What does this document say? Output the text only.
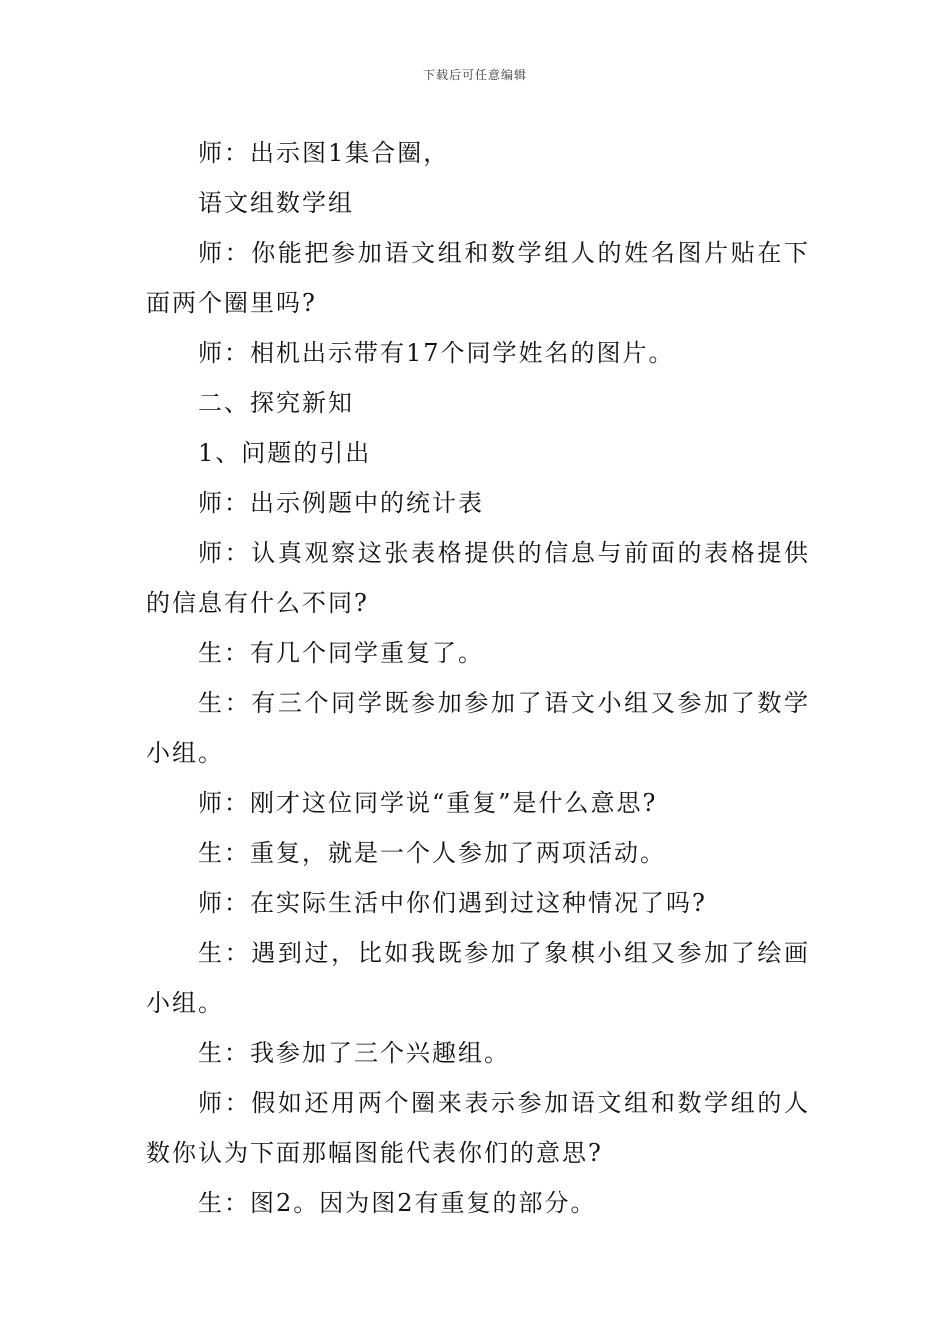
下载后可任意编辑

师：出示图1集合圈，

语文组数学组

师：你能把参加语文组和数学组人的姓名图片贴在下面两个圈里吗?

师：相机出示带有17个同学姓名的图片。

二、探究新知

1、问题的引出

师：出示例题中的统计表

师：认真观察这张表格提供的信息与前面的表格提供的信息有什么不同?

生：有几个同学重复了。

生：有三个同学既参加参加了语文小组又参加了数学小组。

师：刚才这位同学说“重复”是什么意思?

生：重复，就是一个人参加了两项活动。

师：在实际生活中你们遇到过这种情况了吗?

生：遇到过，比如我既参加了象棋小组又参加了绘画小组。

生：我参加了三个兴趣组。

师：假如还用两个圈来表示参加语文组和数学组的人数你认为下面那幅图能代表你们的意思?

生：图2。因为图2有重复的部分。
